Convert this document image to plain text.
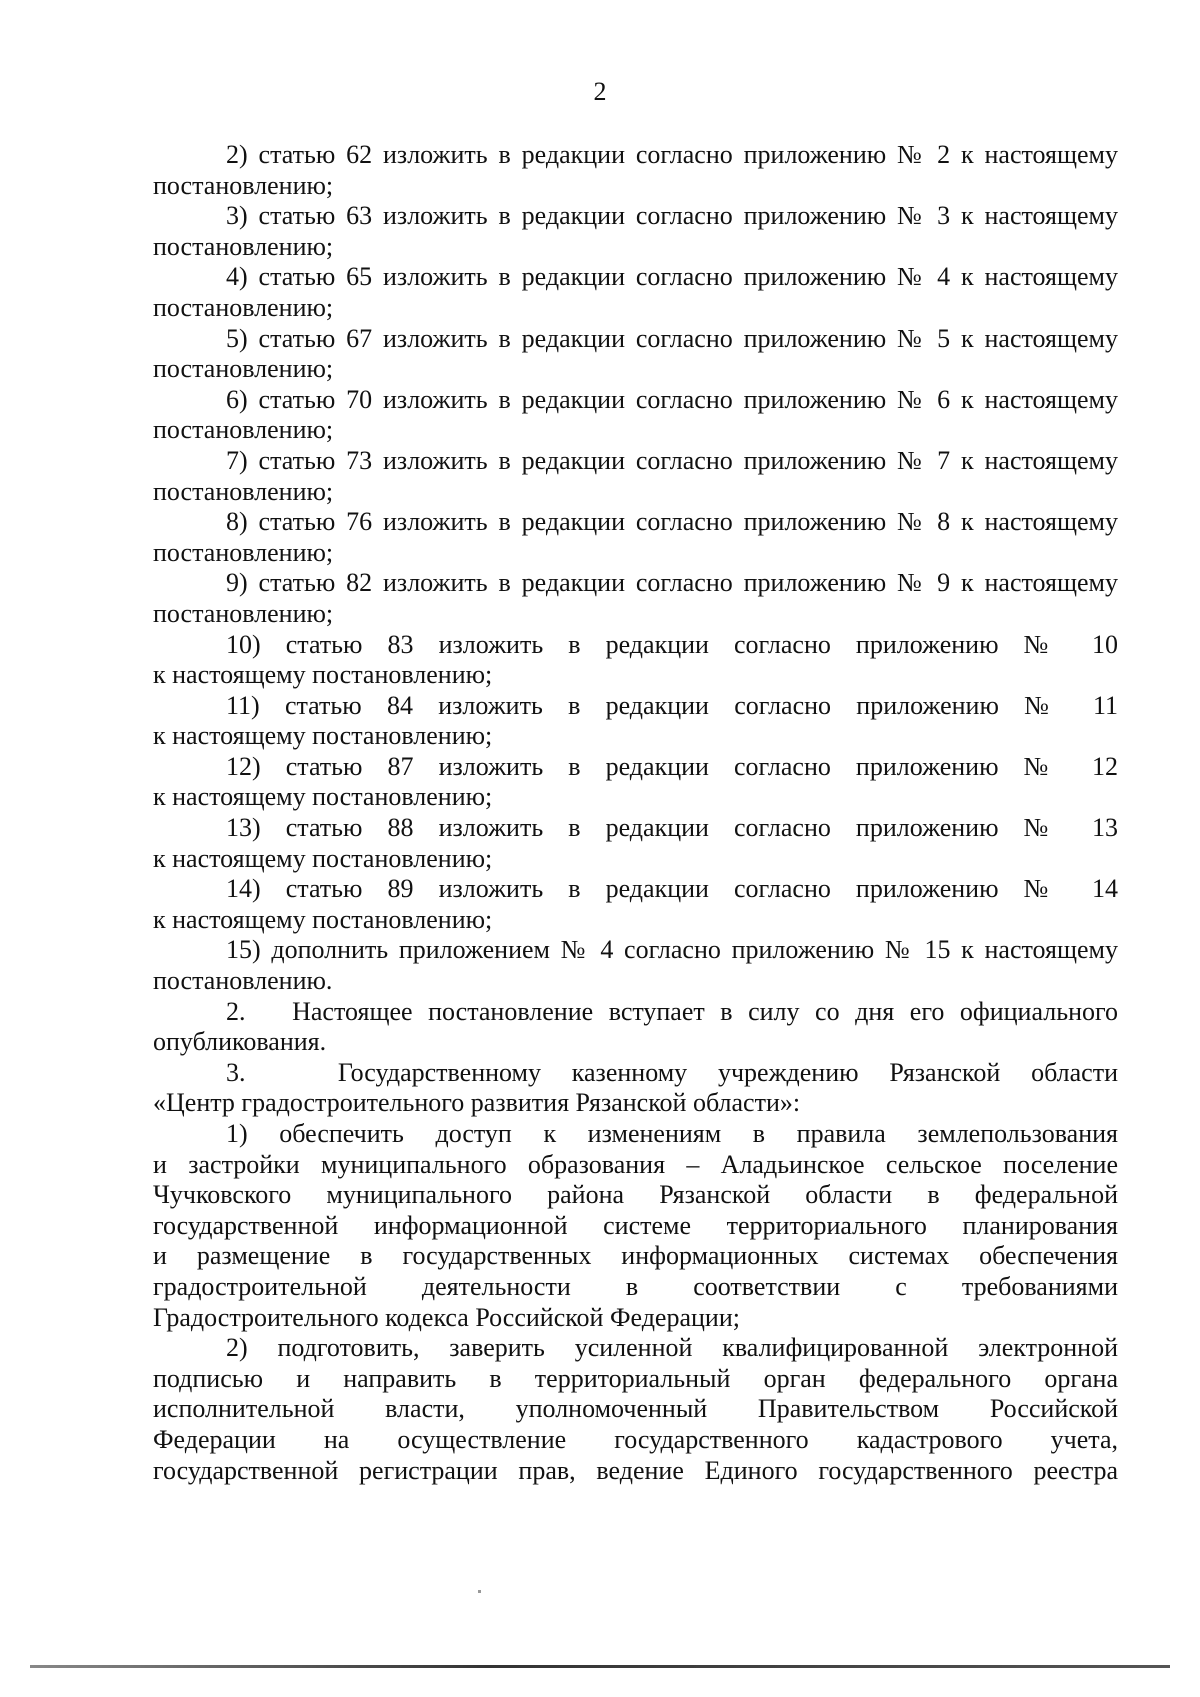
2
2) статью 62 изложить в редакции согласно приложению № 2 к настоящему
постановлению;
3) статью 63 изложить в редакции согласно приложению № 3 к настоящему
постановлению;
4) статью 65 изложить в редакции согласно приложению № 4 к настоящему
постановлению;
5) статью 67 изложить в редакции согласно приложению № 5 к настоящему
постановлению;
6) статью 70 изложить в редакции согласно приложению № 6 к настоящему
постановлению;
7) статью 73 изложить в редакции согласно приложению № 7 к настоящему
постановлению;
8) статью 76 изложить в редакции согласно приложению № 8 к настоящему
постановлению;
9) статью 82 изложить в редакции согласно приложению № 9 к настоящему
постановлению;
10) статью 83 изложить в редакции согласно приложению № 10
к настоящему постановлению;
11) статью 84 изложить в редакции согласно приложению № 11
к настоящему постановлению;
12) статью 87 изложить в редакции согласно приложению № 12
к настоящему постановлению;
13) статью 88 изложить в редакции согласно приложению № 13
к настоящему постановлению;
14) статью 89 изложить в редакции согласно приложению № 14
к настоящему постановлению;
15) дополнить приложением № 4 согласно приложению № 15 к настоящему
постановлению.
2.   Настоящее постановление вступает в силу со дня его официального
опубликования.
3.   Государственному казенному учреждению Рязанской области
«Центр градостроительного развития Рязанской области»:
1) обеспечить доступ к изменениям в правила землепользования
и застройки муниципального образования – Аладьинское сельское поселение
Чучковского муниципального района Рязанской области в федеральной
государственной информационной системе территориального планирования
и размещение в государственных информационных системах обеспечения
градостроительной деятельности в соответствии с требованиями
Градостроительного кодекса Российской Федерации;
2) подготовить, заверить усиленной квалифицированной электронной
подписью и направить в территориальный орган федерального органа
исполнительной власти, уполномоченный Правительством Российской
Федерации на осуществление государственного кадастрового учета,
государственной регистрации прав, ведение Единого государственного реестра
